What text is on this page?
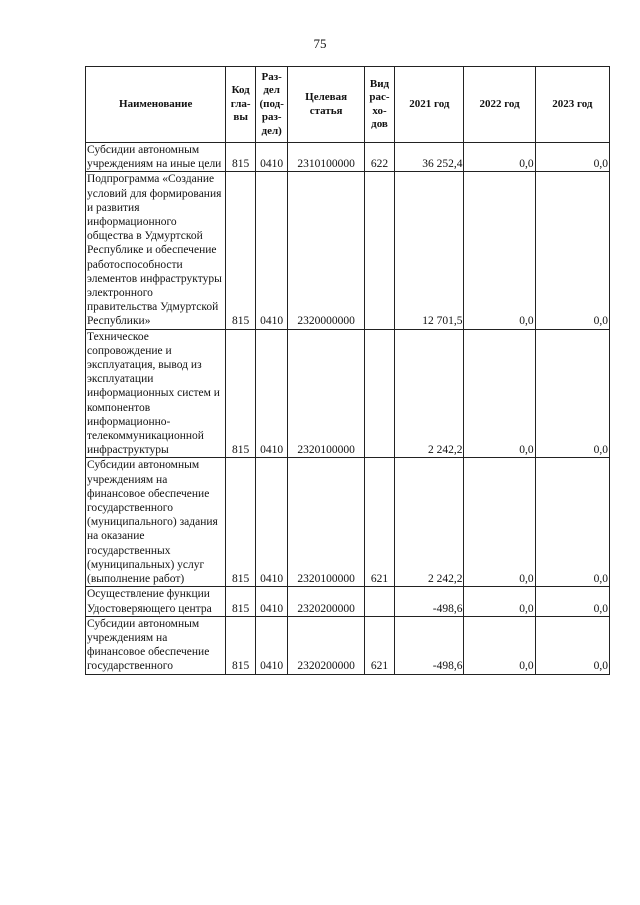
75
Наименование	Код гла-вы	Раз-дел (под-раз-дел)	Целевая статья	Вид рас-хо-дов	2021 год	2022 год	2023 год
Субсидии автономным учреждениям на иные цели	815	0410	2310100000	622	36 252,4	0,0	0,0
Подпрограмма «Создание условий для формирования и развития информационного общества в Удмуртской Республике и обеспечение работоспособности элементов инфраструктуры электронного правительства Удмуртской Республики»	815	0410	2320000000		12 701,5	0,0	0,0
Техническое сопровождение и эксплуатация, вывод из эксплуатации информационных систем и компонентов информационно-телекоммуникационной инфраструктуры	815	0410	2320100000		2 242,2	0,0	0,0
Субсидии автономным учреждениям на финансовое обеспечение государственного (муниципального) задания на оказание государственных (муниципальных) услуг (выполнение работ)	815	0410	2320100000	621	2 242,2	0,0	0,0
Осуществление функции Удостоверяющего центра	815	0410	2320200000		-498,6	0,0	0,0
Субсидии автономным учреждениям на финансовое обеспечение государственного	815	0410	2320200000	621	-498,6	0,0	0,0
